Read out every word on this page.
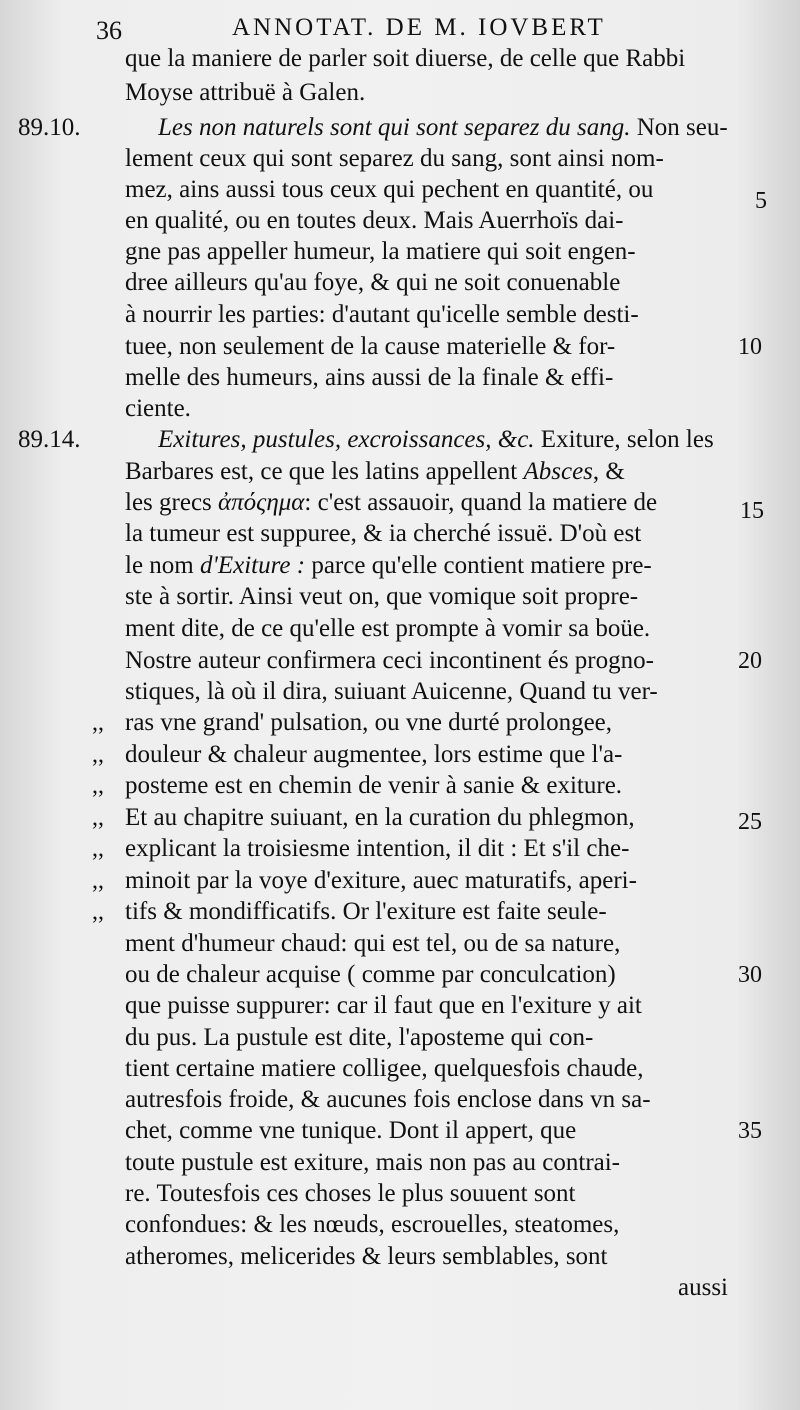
36	ANNOTAT. DE M. IOVBERT
que la maniere de parler soit diuerse, de celle que Rabbi
Moyse attribuë à Galen.
89.10.	Les non naturels sont qui sont separez du sang. Non seu-
lement ceux qui sont separez du sang, sont ainsi nom-
mez, ains aussi tous ceux qui pechent en quantité, ou
en qualité, ou en toutes deux. Mais Auerrhoïs dai-
5
gne pas appeller humeur, la matiere qui soit engen-
dree ailleurs qu'au foye, & qui ne soit conuenable
à nourrir les parties: d'autant qu'icelle semble desti-
tuee, non seulement de la cause materielle & for-	10
melle des humeurs, ains aussi de la finale & effi-
ciente.
89.14.	Exitures, pustules, excroissances, &c. Exiture, selon les
Barbares est, ce que les latins appellent Absces, &
les grecs ἀπόςημα: c'est assauoir, quand la matiere de	15
la tumeur est suppuree, & ia cherché issuë. D'où est
le nom d'Exiture : parce qu'elle contient matiere pre-
ste à sortir. Ainsi veut on, que vomique soit propre-
ment dite, de ce qu'elle est prompte à vomir sa boüe.
Nostre auteur confirmera ceci incontinent és progno-	20
stiques, là où il dira, suiuant Auicenne, Quand tu ver-
,, ras vne grand' pulsation, ou vne durté prolongee,
,, douleur & chaleur augmentee, lors estime que l'a-
,, posteme est en chemin de venir à sanie & exiture.
,, Et au chapitre suiuant, en la curation du phlegmon,	25
,, explicant la troisiesme intention, il dit : Et s'il che-
,, minoit par la voye d'exiture, auec maturatifs, aperi-
,, tifs & mondifficatifs. Or l'exiture est faite seule-
ment d'humeur chaud: qui est tel, ou de sa nature,
ou de chaleur acquise ( comme par conculcation)	30
que puisse suppurer: car il faut que en l'exiture y ait
du pus. La pustule est dite, l'aposteme qui con-
tient certaine matiere colligee, quelquesfois chaude,
autresfois froide, & aucunes fois enclose dans vn sa-
chet, comme vne tunique. Dont il appert, que	35
toute pustule est exiture, mais non pas au contrai-
re. Toutesfois ces choses le plus souuent sont
confondues: & les nœuds, escrouelles, steatomes,
atheromes, melicerides & leurs semblables, sont
aussi
